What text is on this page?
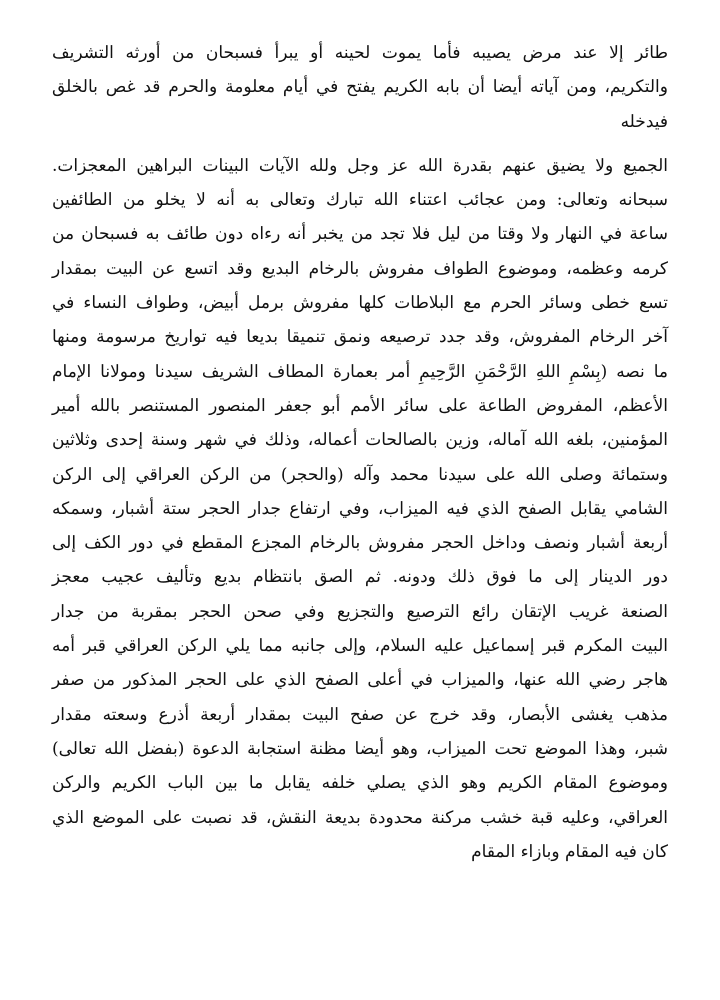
طائر إلا عند مرض يصيبه فأما يموت لحينه أو يبرأ فسبحان من أورثه التشريف
والتكريم، ومن آياته أيضا أن بابه الكريم يفتح في أيام معلومة والحرم قد غص بالخلق
فيدخله

الجميع ولا يضيق عنهم بقدرة الله عز وجل ولله الآيات البينات البراهين المعجزات.
سبحانه وتعالى: ومن عجائب اعتناء الله تبارك وتعالى به أنه لا يخلو من الطائفين
ساعة في النهار ولا وقتا من ليل فلا تجد من يخبر أنه رءاه دون طائف به فسبحان من
كرمه وعظمه، وموضوع الطواف مفروش بالرخام البديع وقد اتسع عن البيت بمقدار
تسع خطى وسائر الحرم مع البلاطات كلها مفروش برمل أبيض، وطواف النساء في
آخر الرخام المفروش، وقد جدد ترصيعه ونمق تنميقا بديعا فيه تواريخ مرسومة ومنها
ما نصه (بِسْمِ اللهِ الرَّحْمَنِ الرَّحِيمِ أمر بعمارة المطاف الشريف سيدنا ومولانا الإمام
الأعظم، المفروض الطاعة على سائر الأمم أبو جعفر المنصور المستنصر بالله أمير
المؤمنين، بلغه الله آماله، وزين بالصالحات أعماله، وذلك في شهر وسنة إحدى وثلاثين
وستمائة وصلى الله على سيدنا محمد وآله (والحجر) من الركن العراقي إلى الركن
الشامي يقابل الصفح الذي فيه الميزاب، وفي ارتفاع جدار الحجر ستة أشبار، وسمكه
أربعة أشبار ونصف وداخل الحجر مفروش بالرخام المجزع المقطع في دور الكف إلى
دور الدينار إلى ما فوق ذلك ودونه. ثم الصق بانتظام بديع وتأليف عجيب معجز
الصنعة غريب الإتقان رائع الترصيع والتجزيع وفي صحن الحجر بمقربة من جدار
البيت المكرم قبر إسماعيل عليه السلام، وإلى جانبه مما يلي الركن العراقي قبر أمه
هاجر رضي الله عنها، والميزاب في أعلى الصفح الذي على الحجر المذكور من صفر
مذهب يغشى الأبصار، وقد خرج عن صفح البيت بمقدار أربعة أذرع وسعته مقدار
شبر، وهذا الموضع تحت الميزاب، وهو أيضا مظنة استجابة الدعوة (بفضل الله تعالى)
وموضوع المقام الكريم وهو الذي يصلي خلفه يقابل ما بين الباب الكريم والركن
العراقي، وعليه قبة خشب مركنة محدودة بديعة النقش، قد نصبت على الموضع الذي
كان فيه المقام وبازاء المقام
